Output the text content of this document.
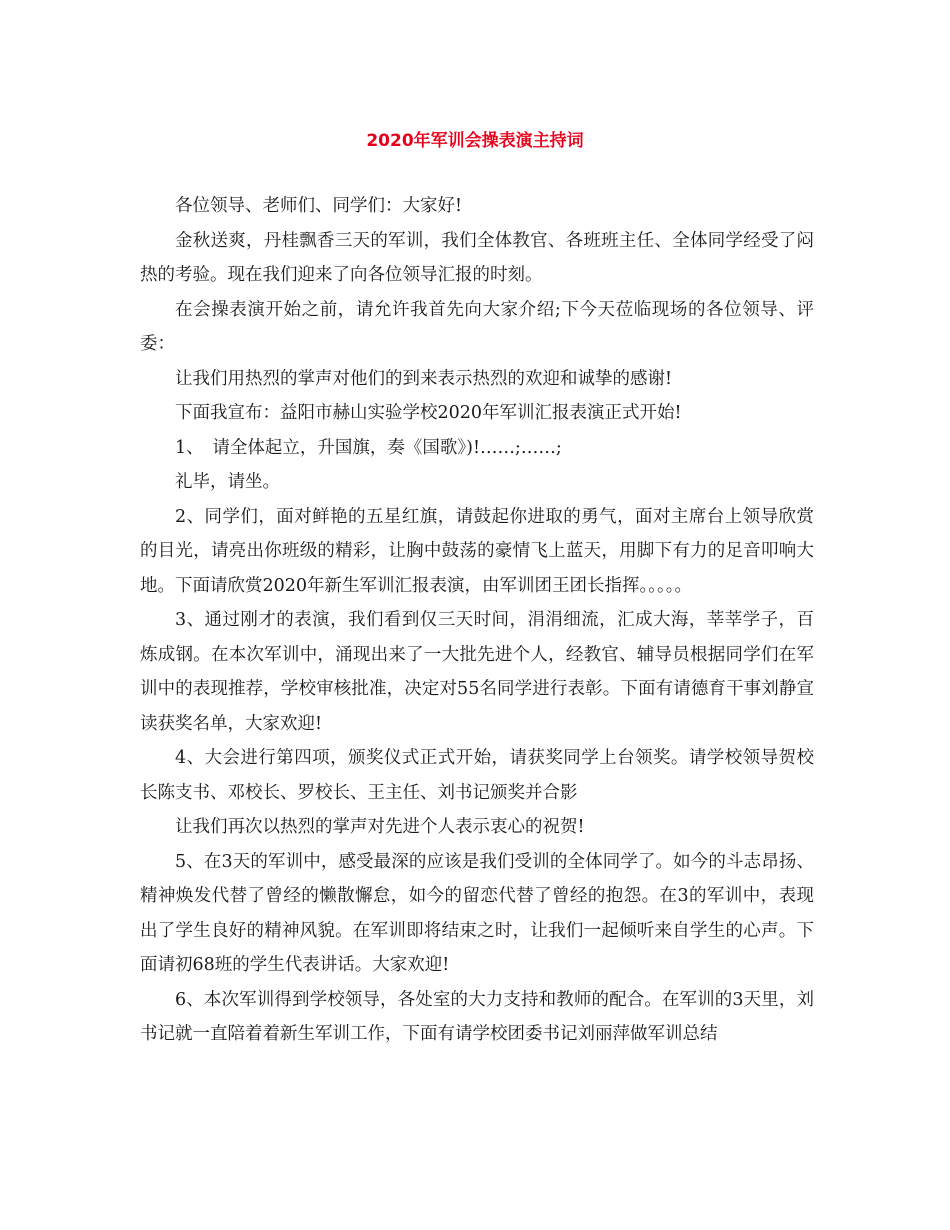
2020年军训会操表演主持词

各位领导、老师们、同学们：大家好!

金秋送爽，丹桂飘香三天的军训，我们全体教官、各班班主任、全体同学经受了闷热的考验。现在我们迎来了向各位领导汇报的时刻。

在会操表演开始之前，请允许我首先向大家介绍;下今天莅临现场的各位领导、评委：

让我们用热烈的掌声对他们的到来表示热烈的欢迎和诚挚的感谢!

下面我宣布：益阳市赫山实验学校2020年军训汇报表演正式开始!

1、　请全体起立，升国旗，奏《国歌》)!……;……;

礼毕，请坐。

2、同学们，面对鲜艳的五星红旗，请鼓起你进取的勇气，面对主席台上领导欣赏的目光，请亮出你班级的精彩，让胸中鼓荡的豪情飞上蓝天，用脚下有力的足音叩响大地。下面请欣赏2020年新生军训汇报表演，由军训团王团长指挥。。。。。

3、通过刚才的表演，我们看到仅三天时间，涓涓细流，汇成大海，莘莘学子，百炼成钢。在本次军训中，涌现出来了一大批先进个人，经教官、辅导员根据同学们在军训中的表现推荐，学校审核批准，决定对55名同学进行表彰。下面有请德育干事刘静宣读获奖名单，大家欢迎!

4、大会进行第四项，颁奖仪式正式开始，请获奖同学上台领奖。请学校领导贺校长陈支书、邓校长、罗校长、王主任、刘书记颁奖并合影

让我们再次以热烈的掌声对先进个人表示衷心的祝贺!

5、在3天的军训中，感受最深的应该是我们受训的全体同学了。如今的斗志昂扬、精神焕发代替了曾经的懒散懈怠，如今的留恋代替了曾经的抱怨。在3的军训中，表现出了学生良好的精神风貌。在军训即将结束之时，让我们一起倾听来自学生的心声。下面请初68班的学生代表讲话。大家欢迎!

6、本次军训得到学校领导，各处室的大力支持和教师的配合。在军训的3天里，刘书记就一直陪着着新生军训工作，下面有请学校团委书记刘丽萍做军训总结
